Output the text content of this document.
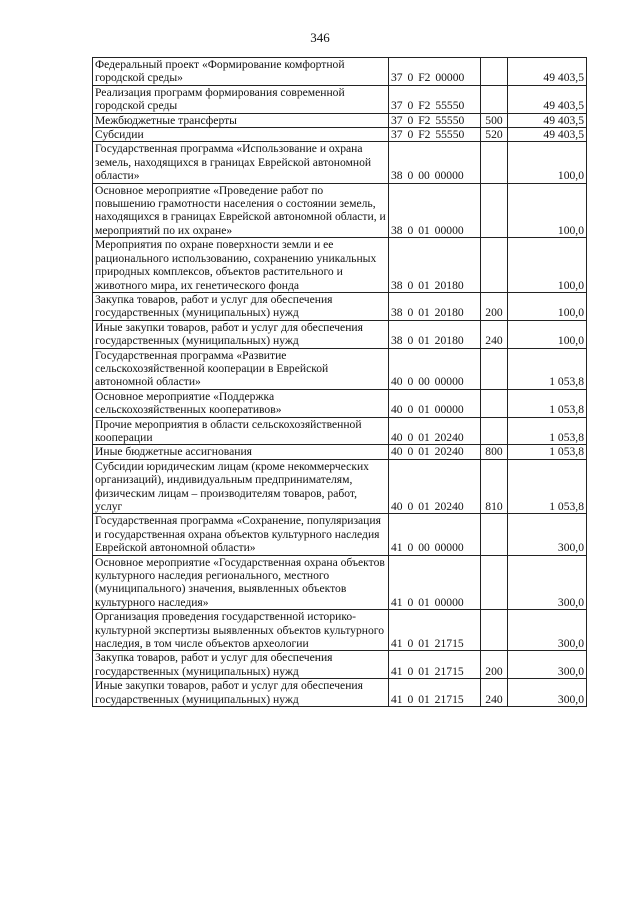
346
Федеральный проект «Формирование комфортной городской среды»	37 0 F2 00000		49 403,5
Реализация программ формирования современной городской среды	37 0 F2 55550		49 403,5
Межбюджетные трансферты	37 0 F2 55550	500	49 403,5
Субсидии	37 0 F2 55550	520	49 403,5
Государственная программа «Использование и охрана земель, находящихся в границах Еврейской автономной области»	38 0 00 00000		100,0
Основное мероприятие «Проведение работ по повышению грамотности населения о состоянии земель, находящихся в границах Еврейской автономной области, и мероприятий по их охране»	38 0 01 00000		100,0
Мероприятия по охране поверхности земли и ее рационального использованию, сохранению уникальных природных комплексов, объектов растительного и животного мира, их генетического фонда	38 0 01 20180		100,0
Закупка товаров, работ и услуг для обеспечения государственных (муниципальных) нужд	38 0 01 20180	200	100,0
Иные закупки товаров, работ и услуг для обеспечения государственных (муниципальных) нужд	38 0 01 20180	240	100,0
Государственная программа «Развитие сельскохозяйственной кооперации в Еврейской автономной области»	40 0 00 00000		1 053,8
Основное мероприятие «Поддержка сельскохозяйственных кооперативов»	40 0 01 00000		1 053,8
Прочие мероприятия в области сельскохозяйственной кооперации	40 0 01 20240		1 053,8
Иные бюджетные ассигнования	40 0 01 20240	800	1 053,8
Субсидии юридическим лицам (кроме некоммерческих организаций), индивидуальным предпринимателям, физическим лицам – производителям товаров, работ, услуг	40 0 01 20240	810	1 053,8
Государственная программа «Сохранение, популяризация и государственная охрана объектов культурного наследия Еврейской автономной области»	41 0 00 00000		300,0
Основное мероприятие «Государственная охрана объектов культурного наследия регионального, местного (муниципального) значения, выявленных объектов культурного наследия»	41 0 01 00000		300,0
Организация проведения государственной историко-культурной экспертизы выявленных объектов культурного наследия, в том числе объектов археологии	41 0 01 21715		300,0
Закупка товаров, работ и услуг для обеспечения государственных (муниципальных) нужд	41 0 01 21715	200	300,0
Иные закупки товаров, работ и услуг для обеспечения государственных (муниципальных) нужд	41 0 01 21715	240	300,0
